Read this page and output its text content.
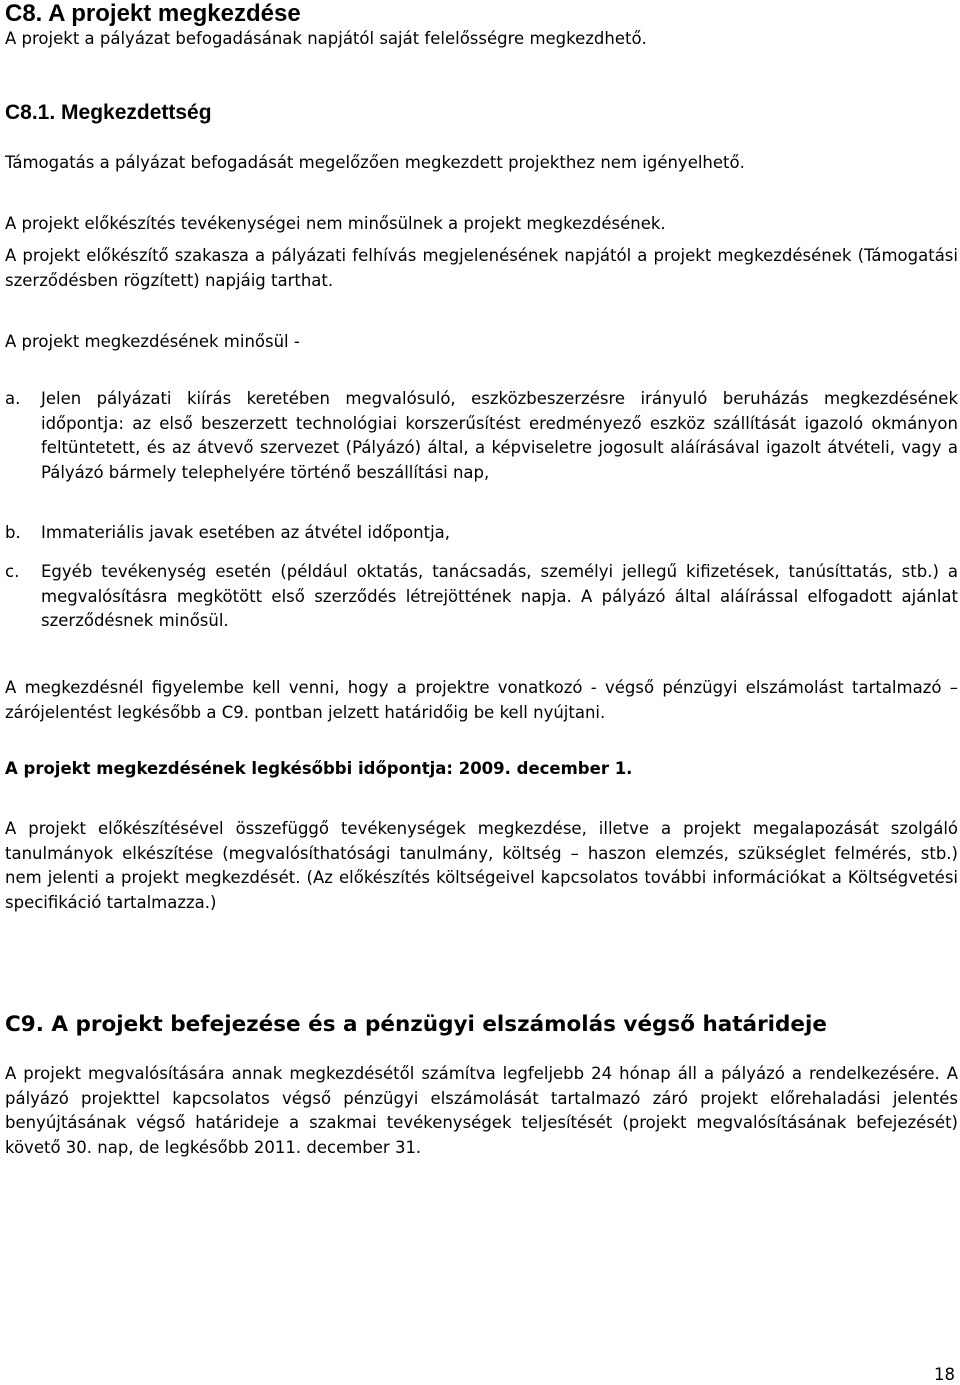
C8. A projekt megkezdése

A projekt a pályázat befogadásának napjától saját felelősségre megkezdhető.

C8.1. Megkezdettség

Támogatás a pályázat befogadását megelőzően megkezdett projekthez nem igényelhető.

A projekt előkészítés tevékenységei nem minősülnek a projekt megkezdésének.

A projekt előkészítő szakasza a pályázati felhívás megjelenésének napjától a projekt megkezdésének (Támogatási szerződésben rögzített) napjáig tarthat.

A projekt megkezdésének minősül -

a.	Jelen pályázati kiírás keretében megvalósuló, eszközbeszerzésre irányuló beruházás megkezdésének időpontja: az első beszerzett technológiai korszerűsítést eredményező eszköz szállítását igazoló okmányon feltüntetett, és az átvevő szervezet (Pályázó) által, a képviseletre jogosult aláírásával igazolt átvételi, vagy a Pályázó bármely telephelyére történő beszállítási nap,
b.	Immateriális javak esetében az átvétel időpontja,
c.	Egyéb tevékenység esetén (például oktatás, tanácsadás, személyi jellegű kifizetések, tanúsíttatás, stb.) a megvalósításra megkötött első szerződés létrejöttének napja. A pályázó által aláírással elfogadott ajánlat szerződésnek minősül.

A megkezdésnél figyelembe kell venni, hogy a projektre vonatkozó - végső pénzügyi elszámolást tartalmazó – zárójelentést legkésőbb a C9. pontban jelzett határidőig be kell nyújtani.

A projekt megkezdésének legkésőbbi időpontja: 2009. december 1.

A projekt előkészítésével összefüggő tevékenységek megkezdése, illetve a projekt megalapozását szolgáló tanulmányok elkészítése (megvalósíthatósági tanulmány, költség – haszon elemzés, szükséglet felmérés, stb.) nem jelenti a projekt megkezdését. (Az előkészítés költségeivel kapcsolatos további információkat a Költségvetési specifikáció tartalmazza.)

C9. A projekt befejezése és a pénzügyi elszámolás végső határideje

A projekt megvalósítására annak megkezdésétől számítva legfeljebb 24 hónap áll a pályázó a rendelkezésére. A pályázó projekttel kapcsolatos végső pénzügyi elszámolását tartalmazó záró projekt előrehaladási jelentés benyújtásának végső határideje a szakmai tevékenységek teljesítését (projekt megvalósításának befejezését) követő 30. nap, de legkésőbb 2011. december 31.

18
